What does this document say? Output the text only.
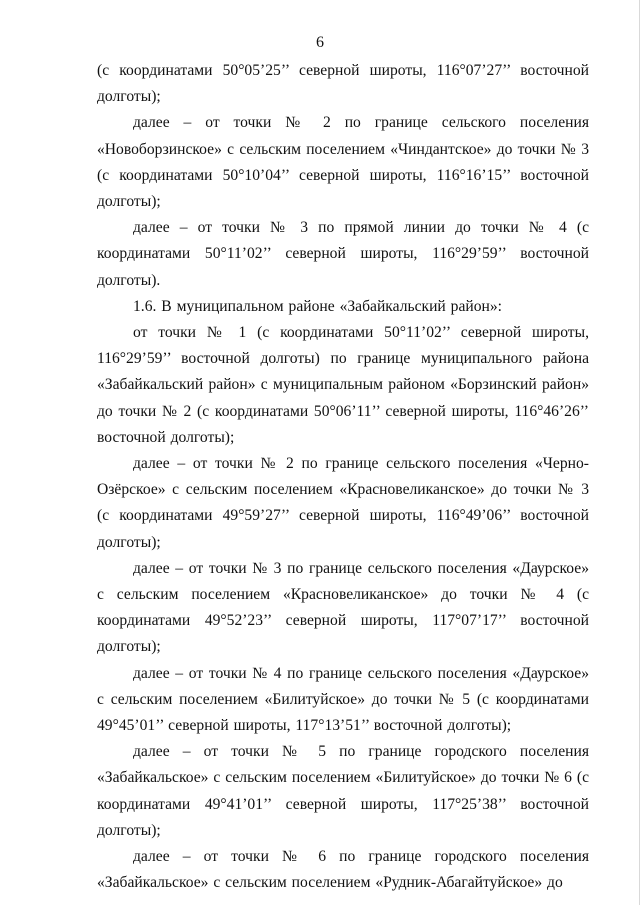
6

(с координатами 50°05’25’’ северной широты, 116°07’27’’ восточной долготы);

далее – от точки № 2 по границе сельского поселения «Новоборзинское» с сельским поселением «Чиндантское» до точки № 3 (с координатами 50°10’04’’ северной широты, 116°16’15’’ восточной долготы);

далее – от точки № 3 по прямой линии до точки № 4 (с координатами 50°11’02’’ северной широты, 116°29’59’’ восточной долготы).

1.6. В муниципальном районе «Забайкальский район»:

от точки № 1 (с координатами 50°11’02’’ северной широты, 116°29’59’’ восточной долготы) по границе муниципального района «Забайкальский район» с муниципальным районом «Борзинский район» до точки № 2 (с координатами 50°06’11’’ северной широты, 116°46’26’’ восточной долготы);

далее – от точки № 2 по границе сельского поселения «Черно-Озёрское» с сельским поселением «Красновеликанское» до точки № 3 (с координатами 49°59’27’’ северной широты, 116°49’06’’ восточной долготы);

далее – от точки № 3 по границе сельского поселения «Даурское» с сельским поселением «Красновеликанское» до точки № 4 (с координатами 49°52’23’’ северной широты, 117°07’17’’ восточной долготы);

далее – от точки № 4 по границе сельского поселения «Даурское» с сельским поселением «Билитуйское» до точки № 5 (с координатами 49°45’01’’ северной широты, 117°13’51’’ восточной долготы);

далее – от точки № 5 по границе городского поселения «Забайкальское» с сельским поселением «Билитуйское» до точки № 6 (с координатами 49°41’01’’ северной широты, 117°25’38’’ восточной долготы);

далее – от точки № 6 по границе городского поселения «Забайкальское» с сельским поселением «Рудник-Абагайтуйское» до
